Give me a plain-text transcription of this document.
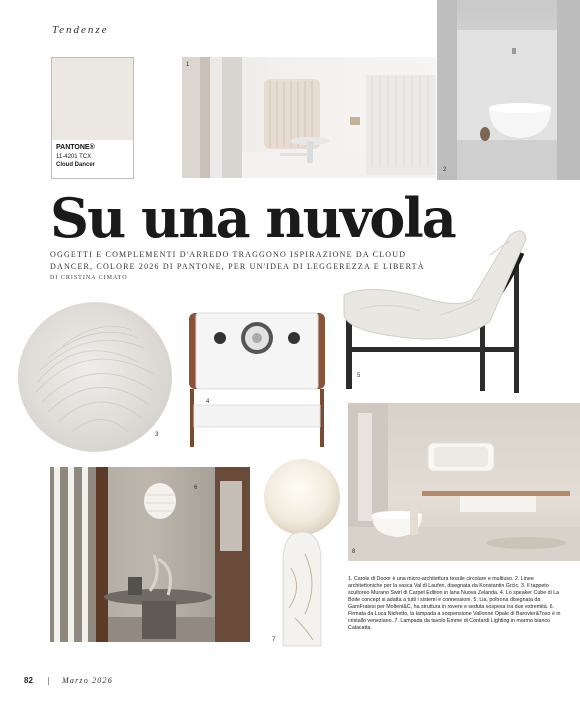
Tendenze
PANTONE®
11-4201 TCX
Cloud Dancer
1
2
Su una nuvola
OGGETTI E COMPLEMENTI D'ARREDO TRAGGONO ISPIRAZIONE DA CLOUD DANCER, COLORE 2026 DI PANTONE, PER UN'IDEA DI LEGGEREZZA E LIBERTÀ
DI CRISTINA CIMATO
3
4
5
8
6
7
1. Carole di Dooor è una micro-architettura tessile circolare e multiuso. 2. Linee architettoniche per la vasca Val di Laufen, disegnata da Konstantin Grcic. 3. Il tappeto scultoreo Murano Swirl di Carpet Edition in lana Nuova Zelanda. 4. Lo speaker Cube di La Boite concept si adatta a tutti i sistemi e connessioni. 5. Lia, poltrona disegnata da GamFratesi per Molteni&C, ha struttura in rovere e seduta sospesa tra due estremità. 6. Firmata da Luca Nichetto, la lampada a sospensione Vallonné Opale di Barovier&Toso è in cristallo veneziano. 7. Lampada da tavolo Emme di Contardi Lighting in marmo bianco Calacatta.
82	Marzo 2026
